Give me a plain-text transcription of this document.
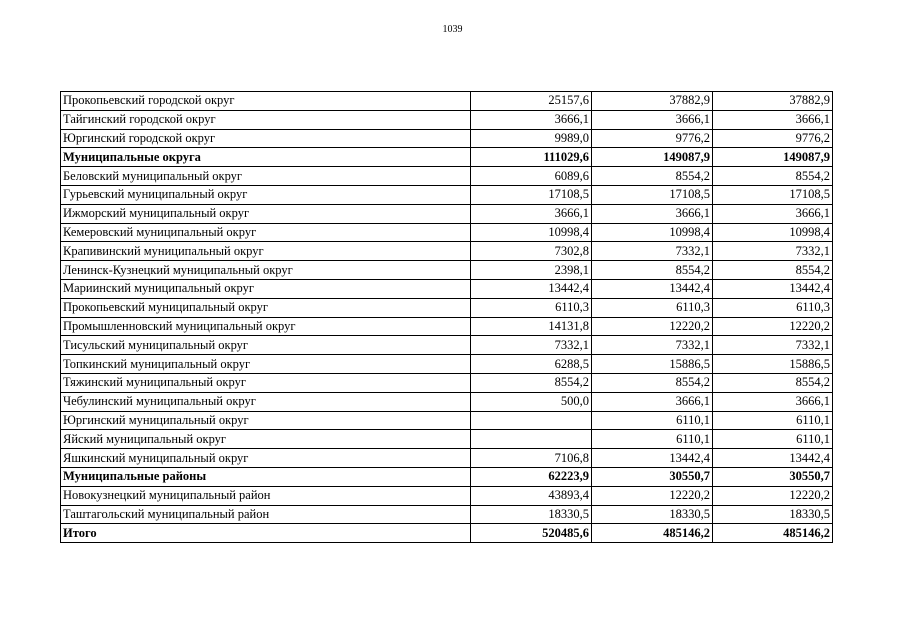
1039
Прокопьевский городской округ	25157,6	37882,9	37882,9
Тайгинский городской округ	3666,1	3666,1	3666,1
Юргинский городской округ	9989,0	9776,2	9776,2
Муниципальные округа	111029,6	149087,9	149087,9
Беловский муниципальный округ	6089,6	8554,2	8554,2
Гурьевский муниципальный округ	17108,5	17108,5	17108,5
Ижморский муниципальный округ	3666,1	3666,1	3666,1
Кемеровский муниципальный округ	10998,4	10998,4	10998,4
Крапивинский муниципальный округ	7302,8	7332,1	7332,1
Ленинск-Кузнецкий муниципальный округ	2398,1	8554,2	8554,2
Мариинский муниципальный округ	13442,4	13442,4	13442,4
Прокопьевский муниципальный округ	6110,3	6110,3	6110,3
Промышленновский муниципальный округ	14131,8	12220,2	12220,2
Тисульский муниципальный округ	7332,1	7332,1	7332,1
Топкинский муниципальный округ	6288,5	15886,5	15886,5
Тяжинский муниципальный округ	8554,2	8554,2	8554,2
Чебулинский муниципальный округ	500,0	3666,1	3666,1
Юргинский муниципальный округ		6110,1	6110,1
Яйский муниципальный округ		6110,1	6110,1
Яшкинский муниципальный округ	7106,8	13442,4	13442,4
Муниципальные районы	62223,9	30550,7	30550,7
Новокузнецкий муниципальный район	43893,4	12220,2	12220,2
Таштагольский муниципальный район	18330,5	18330,5	18330,5
Итого	520485,6	485146,2	485146,2
